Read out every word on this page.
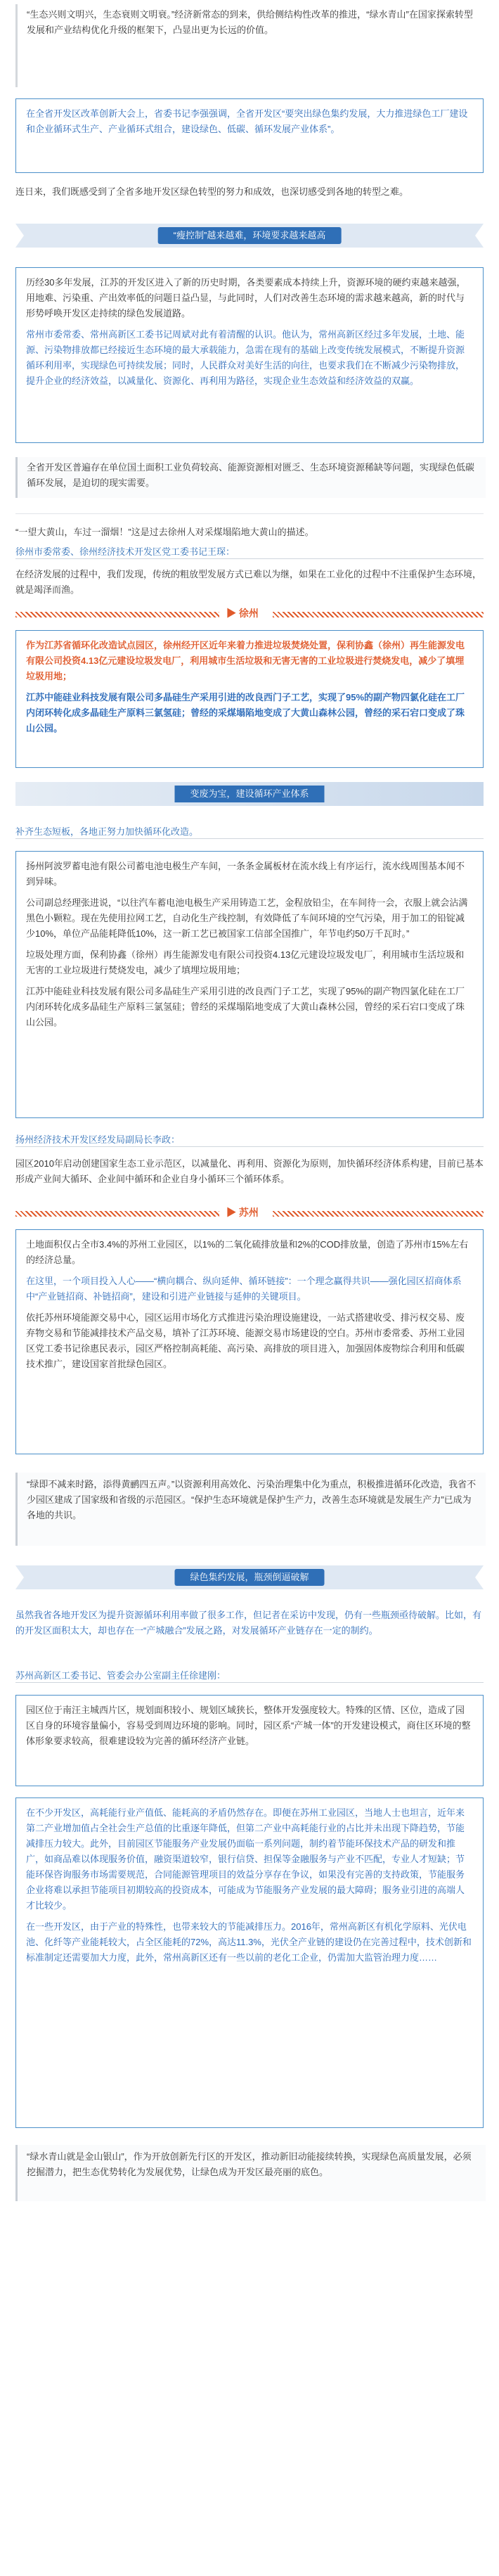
“生态兴则文明兴，生态衰则文明衰。”经济新常态的到来，供给侧结构性改革的推进，“绿水青山”在国家探索转型发展和产业结构优化升级的框架下，凸显出更为长远的价值。
在全省开发区改革创新大会上，省委书记李强强调，全省开发区“要突出绿色集约发展，大力推进绿色工厂建设和企业循环式生产、产业循环式组合，建设绿色、低碳、循环发展产业体系”。
连日来，我们既感受到了全省多地开发区绿色转型的努力和成效，也深切感受到各地的转型之难。
“瘦控制”越来越难，环境要求越来越高
历经30多年发展，江苏的开发区进入了新的历史时期，各类要素成本持续上升，资源环境的硬约束越来越强，用地难、污染重、产出效率低的问题日益凸显，与此同时，人们对改善生态环境的需求越来越高，新的时代与形势呼唤开发区走持续的绿色发展道路。
常州市委常委、常州高新区工委书记周斌对此有着清醒的认识。他认为，常州高新区经过多年发展，土地、能源、污染物排放都已经接近生态环境的最大承载能力，急需在现有的基础上改变传统发展模式，不断提升资源循环利用率，实现绿色可持续发展；同时，人民群众对美好生活的向往，也要求我们在不断减少污染物排放，提升企业的经济效益，以减量化、资源化、再利用为路径，实现企业生态效益和经济效益的双赢。
全省开发区普遍存在单位国土面积工业负荷较高、能源资源相对匮乏、生态环境资源稀缺等问题，实现绿色低碳循环发展，是迫切的现实需要。
“一望大黄山，车过一溜烟！”这是过去徐州人对采煤塌陷地大黄山的描述。
徐州市委常委、徐州经济技术开发区党工委书记王琛：
在经济发展的过程中，我们发现，传统的粗放型发展方式已难以为继，如果在工业化的过程中不注重保护生态环境，就是竭泽而渔。
▶ 徐州
作为江苏省循环化改造试点园区，徐州经开区近年来着力推进垃圾焚烧处置，保利协鑫（徐州）再生能源发电有限公司投资4.13亿元建设垃圾发电厂，利用城市生活垃圾和无害无害的工业垃圾进行焚烧发电，减少了填埋垃圾用地；
江苏中能硅业科技发展有限公司多晶硅生产采用引进的改良西门子工艺，实现了95%的副产物四氯化硅在工厂内闭环转化成多晶硅生产原料三氯氢硅；曾经的采煤塌陷地变成了大黄山森林公园，曾经的采石宕口变成了珠山公园。
变废为宝，建设循环产业体系
补齐生态短板，各地正努力加快循环化改造。
扬州阿波罗蓄电池有限公司蓄电池电极生产车间，一条条金属板材在流水线上有序运行，流水线周围基本闻不到异味。
公司副总经理张进说，“以往汽车蓄电池电极生产采用铸造工艺，金程放铅尘，在车间待一会，衣服上就会沾满黑色小颗粒。现在先使用拉网工艺，自动化生产线控制，有效降低了车间环境的空气污染，用于加工的铅锭减少10%，单位产品能耗降低10%，这一新工艺已被国家工信部全国推广，年节电约50万千瓦时。”
垃圾处理方面，保利协鑫（徐州）再生能源发电有限公司投资4.13亿元建设垃圾发电厂，利用城市生活垃圾和无害的工业垃圾进行焚烧发电，减少了填埋垃圾用地；
江苏中能硅业科技发展有限公司多晶硅生产采用引进的改良西门子工艺，实现了95%的副产物四氯化硅在工厂内闭环转化成多晶硅生产原料三氯氢硅；曾经的采煤塌陷地变成了大黄山森林公园，曾经的采石宕口变成了珠山公园。
扬州经济技术开发区经发局副局长李政：
园区2010年启动创建国家生态工业示范区，以减量化、再利用、资源化为原则，加快循环经济体系构建，目前已基本形成产业间大循环、企业间中循环和企业自身小循环三个循环体系。
▶ 苏州
土地面积仅占全市3.4%的苏州工业园区，以1%的二氧化硫排放量和2%的COD排放量，创造了苏州市15%左右的经济总量。
在这里，一个项目投入人心——“横向耦合、纵向延伸、循环链接”：一个理念赢得共识——强化园区招商体系中“产业链招商、补链招商”，建设和引进产业链接与延伸的关键项目。
依托苏州环境能源交易中心，园区运用市场化方式推进污染治理设施建设，一站式搭建收受、排污权交易、废弃物交易和节能减排技术产品交易，填补了江苏环境、能源交易市场建设的空白。苏州市委常委、苏州工业园区党工委书记徐惠民表示，园区严格控制高耗能、高污染、高排放的项目进入，加强固体废物综合利用和低碳技术推广，建设国家首批绿色园区。
“绿即不减来时路，添得黄鹂四五声。”以资源利用高效化、污染治理集中化为重点，积极推进循环化改造，我省不少园区建成了国家级和省级的示范园区。“保护生态环境就是保护生产力，改善生态环境就是发展生产力”已成为各地的共识。
绿色集约发展，瓶颈倒逼破解
虽然我省各地开发区为提升资源循环利用率做了很多工作，但记者在采访中发现，仍有一些瓶颈亟待破解。比如，有的开发区面积太大，却也存在一“产城融合”发展之路，对发展循环产业链存在一定的制约。
苏州高新区工委书记、管委会办公室副主任徐建刚：
园区位于南汪主城西片区，规划面积较小、规划区域狭长，整体开发强度较大。特殊的区情、区位，造成了园区自身的环境容量偏小，容易受到周边环境的影响。同时，园区系“产城一体”的开发建设模式，商住区环境的整体形象要求较高，很难建设较为完善的循环经济产业链。
在不少开发区，高耗能行业产值低、能耗高的矛盾仍然存在。即便在苏州工业园区，当地人士也坦言，近年来第二产业增加值占全社会生产总值的比重逐年降低，但第二产业中高耗能行业的占比并未出现下降趋势，节能减排压力较大。此外，目前园区节能服务产业发展仍面临一系列问题，制约着节能环保技术产品的研发和推广，如商品难以体现服务价值，融资渠道较窄，银行信贷、担保等金融服务与产业不匹配，专业人才短缺；节能环保咨询服务市场需要规范，合同能源管理项目的效益分享存在争议，如果没有完善的支持政策，节能服务企业将难以承担节能项目初期较高的投资成本，可能成为节能服务产业发展的最大障碍；服务业引进的高端人才比较少。
在一些开发区，由于产业的特殊性，也带来较大的节能减排压力。2016年，常州高新区有机化学原料、光伏电池、化纤等产业能耗较大，占全区能耗的72%，高达11.3%，光伏全产业链的建设仍在完善过程中，技术创新和标准制定还需要加大力度，此外，常州高新区还有一些以前的老化工企业，仍需加大监管治理力度……
“绿水青山就是金山银山”，作为开放创新先行区的开发区，推动新旧动能接续转换，实现绿色高质量发展，必须挖掘潜力，把生态优势转化为发展优势，让绿色成为开发区最亮丽的底色。
